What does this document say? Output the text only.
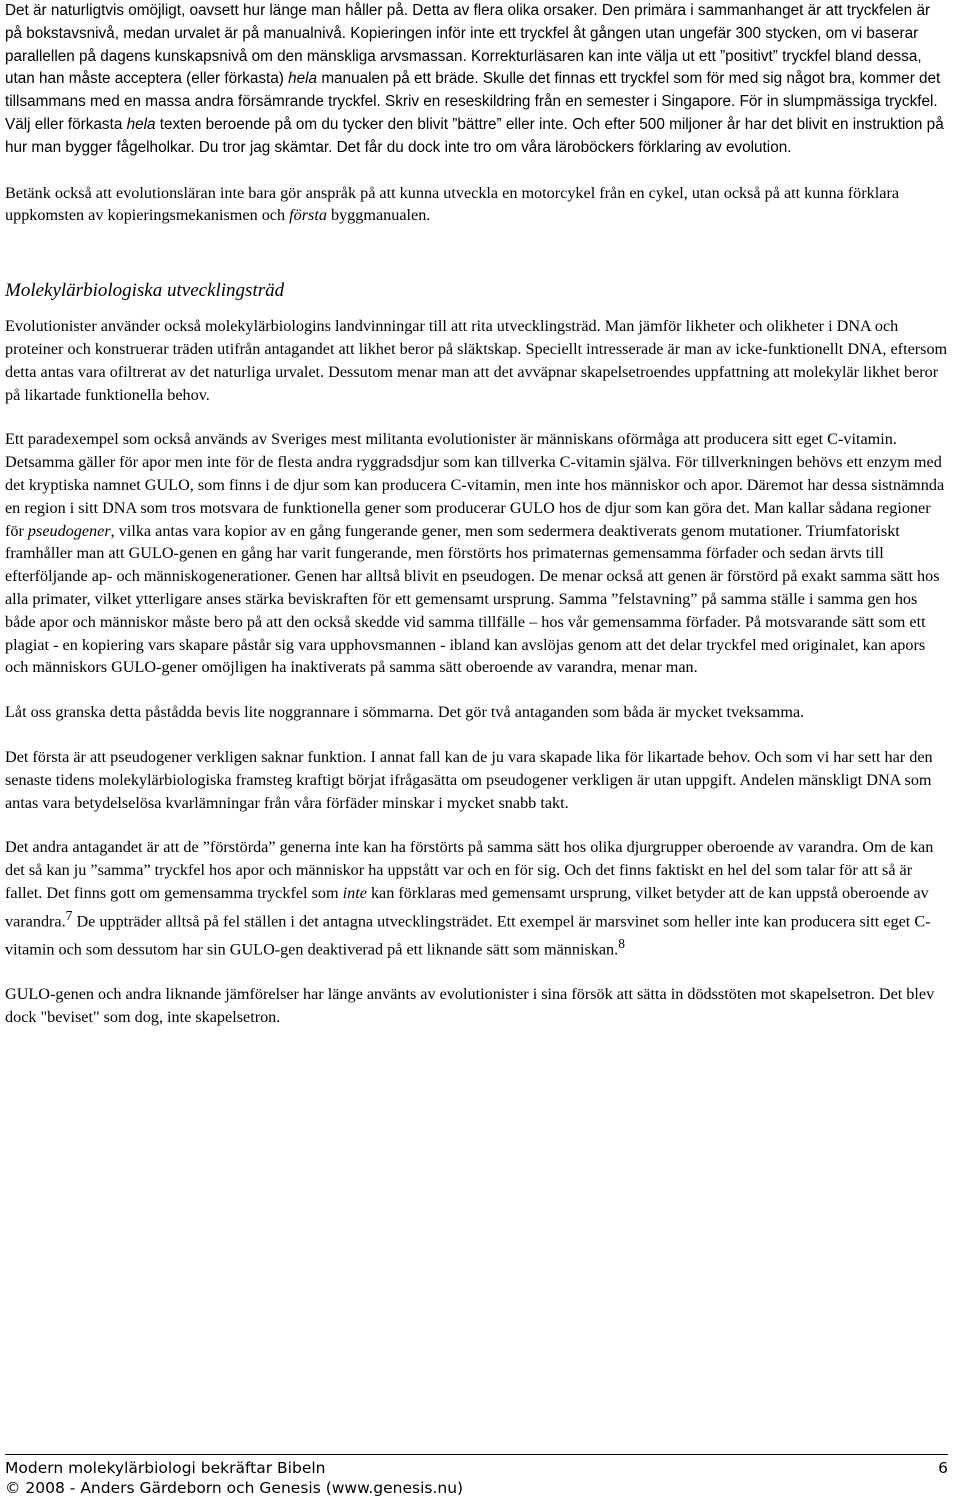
Det är naturligtvis omöjligt, oavsett hur länge man håller på. Detta av flera olika orsaker. Den primära i sammanhanget är att tryckfelen är på bokstavsnivå, medan urvalet är på manualnivå. Kopieringen inför inte ett tryckfel åt gången utan ungefär 300 stycken, om vi baserar parallellen på dagens kunskapsnivå om den mänskliga arvsmassan. Korrekturläsaren kan inte välja ut ett ”positivt” tryckfel bland dessa, utan han måste acceptera (eller förkasta) hela manualen på ett bräde. Skulle det finnas ett tryckfel som för med sig något bra, kommer det tillsammans med en massa andra försämrande tryckfel. Skriv en reseskildring från en semester i Singapore. För in slumpmässiga tryckfel. Välj eller förkasta hela texten beroende på om du tycker den blivit ”bättre” eller inte. Och efter 500 miljoner år har det blivit en instruktion på hur man bygger fågelholkar. Du tror jag skämtar. Det får du dock inte tro om våra läroböckers förklaring av evolution.

Betänk också att evolutionsläran inte bara gör anspråk på att kunna utveckla en motorcykel från en cykel, utan också på att kunna förklara uppkomsten av kopieringsmekanismen och första byggmanualen.

Molekylärbiologiska utvecklingsträd

Evolutionister använder också molekylärbiologins landvinningar till att rita utvecklingsträd. Man jämför likheter och olikheter i DNA och proteiner och konstruerar träden utifrån antagandet att likhet beror på släktskap. Speciellt intresserade är man av icke-funktionellt DNA, eftersom detta antas vara ofiltrerat av det naturliga urvalet. Dessutom menar man att det avväpnar skapelsetroendes uppfattning att molekylär likhet beror på likartade funktionella behov.

Ett paradexempel som också används av Sveriges mest militanta evolutionister är människans oförmåga att producera sitt eget C-vitamin. Detsamma gäller för apor men inte för de flesta andra ryggradsdjur som kan tillverka C-vitamin själva. För tillverkningen behövs ett enzym med det kryptiska namnet GULO, som finns i de djur som kan producera C-vitamin, men inte hos människor och apor. Däremot har dessa sistnämnda en region i sitt DNA som tros motsvara de funktionella gener som producerar GULO hos de djur som kan göra det. Man kallar sådana regioner för pseudogener, vilka antas vara kopior av en gång fungerande gener, men som sedermera deaktiverats genom mutationer. Triumfatoriskt framhåller man att GULO-genen en gång har varit fungerande, men förstörts hos primaternas gemensamma förfader och sedan ärvts till efterföljande ap- och människogenerationer. Genen har alltså blivit en pseudogen. De menar också att genen är förstörd på exakt samma sätt hos alla primater, vilket ytterligare anses stärka beviskraften för ett gemensamt ursprung. Samma ”felstavning” på samma ställe i samma gen hos både apor och människor måste bero på att den också skedde vid samma tillfälle – hos vår gemensamma förfader. På motsvarande sätt som ett plagiat - en kopiering vars skapare påstår sig vara upphovsmannen - ibland kan avslöjas genom att det delar tryckfel med originalet, kan apors och människors GULO-gener omöjligen ha inaktiverats på samma sätt oberoende av varandra, menar man.

Låt oss granska detta påstådda bevis lite noggrannare i sömmarna. Det gör två antaganden som båda är mycket tveksamma.

Det första är att pseudogener verkligen saknar funktion. I annat fall kan de ju vara skapade lika för likartade behov. Och som vi har sett har den senaste tidens molekylärbiologiska framsteg kraftigt börjat ifrågasätta om pseudogener verkligen är utan uppgift. Andelen mänskligt DNA som antas vara betydelselösa kvarlämningar från våra förfäder minskar i mycket snabb takt.

Det andra antagandet är att de ”förstörda” generna inte kan ha förstörts på samma sätt hos olika djurgrupper oberoende av varandra. Om de kan det så kan ju ”samma” tryckfel hos apor och människor ha uppstått var och en för sig. Och det finns faktiskt en hel del som talar för att så är fallet. Det finns gott om gemensamma tryckfel som inte kan förklaras med gemensamt ursprung, vilket betyder att de kan uppstå oberoende av varandra.$^7$ De uppträder alltså på fel ställen i det antagna utvecklingsträdet. Ett exempel är marsvinet som heller inte kan producera sitt eget C-vitamin och som dessutom har sin GULO-gen deaktiverad på ett liknande sätt som människan.$^8$

GULO-genen och andra liknande jämförelser har länge använts av evolutionister i sina försök att sätta in dödsstöten mot skapelsetron. Det blev dock "beviset" som dog, inte skapelsetron.

Modern molekylärbiologi bekräftar Bibeln	6
© 2008 - Anders Gärdeborn och Genesis (www.genesis.nu)
